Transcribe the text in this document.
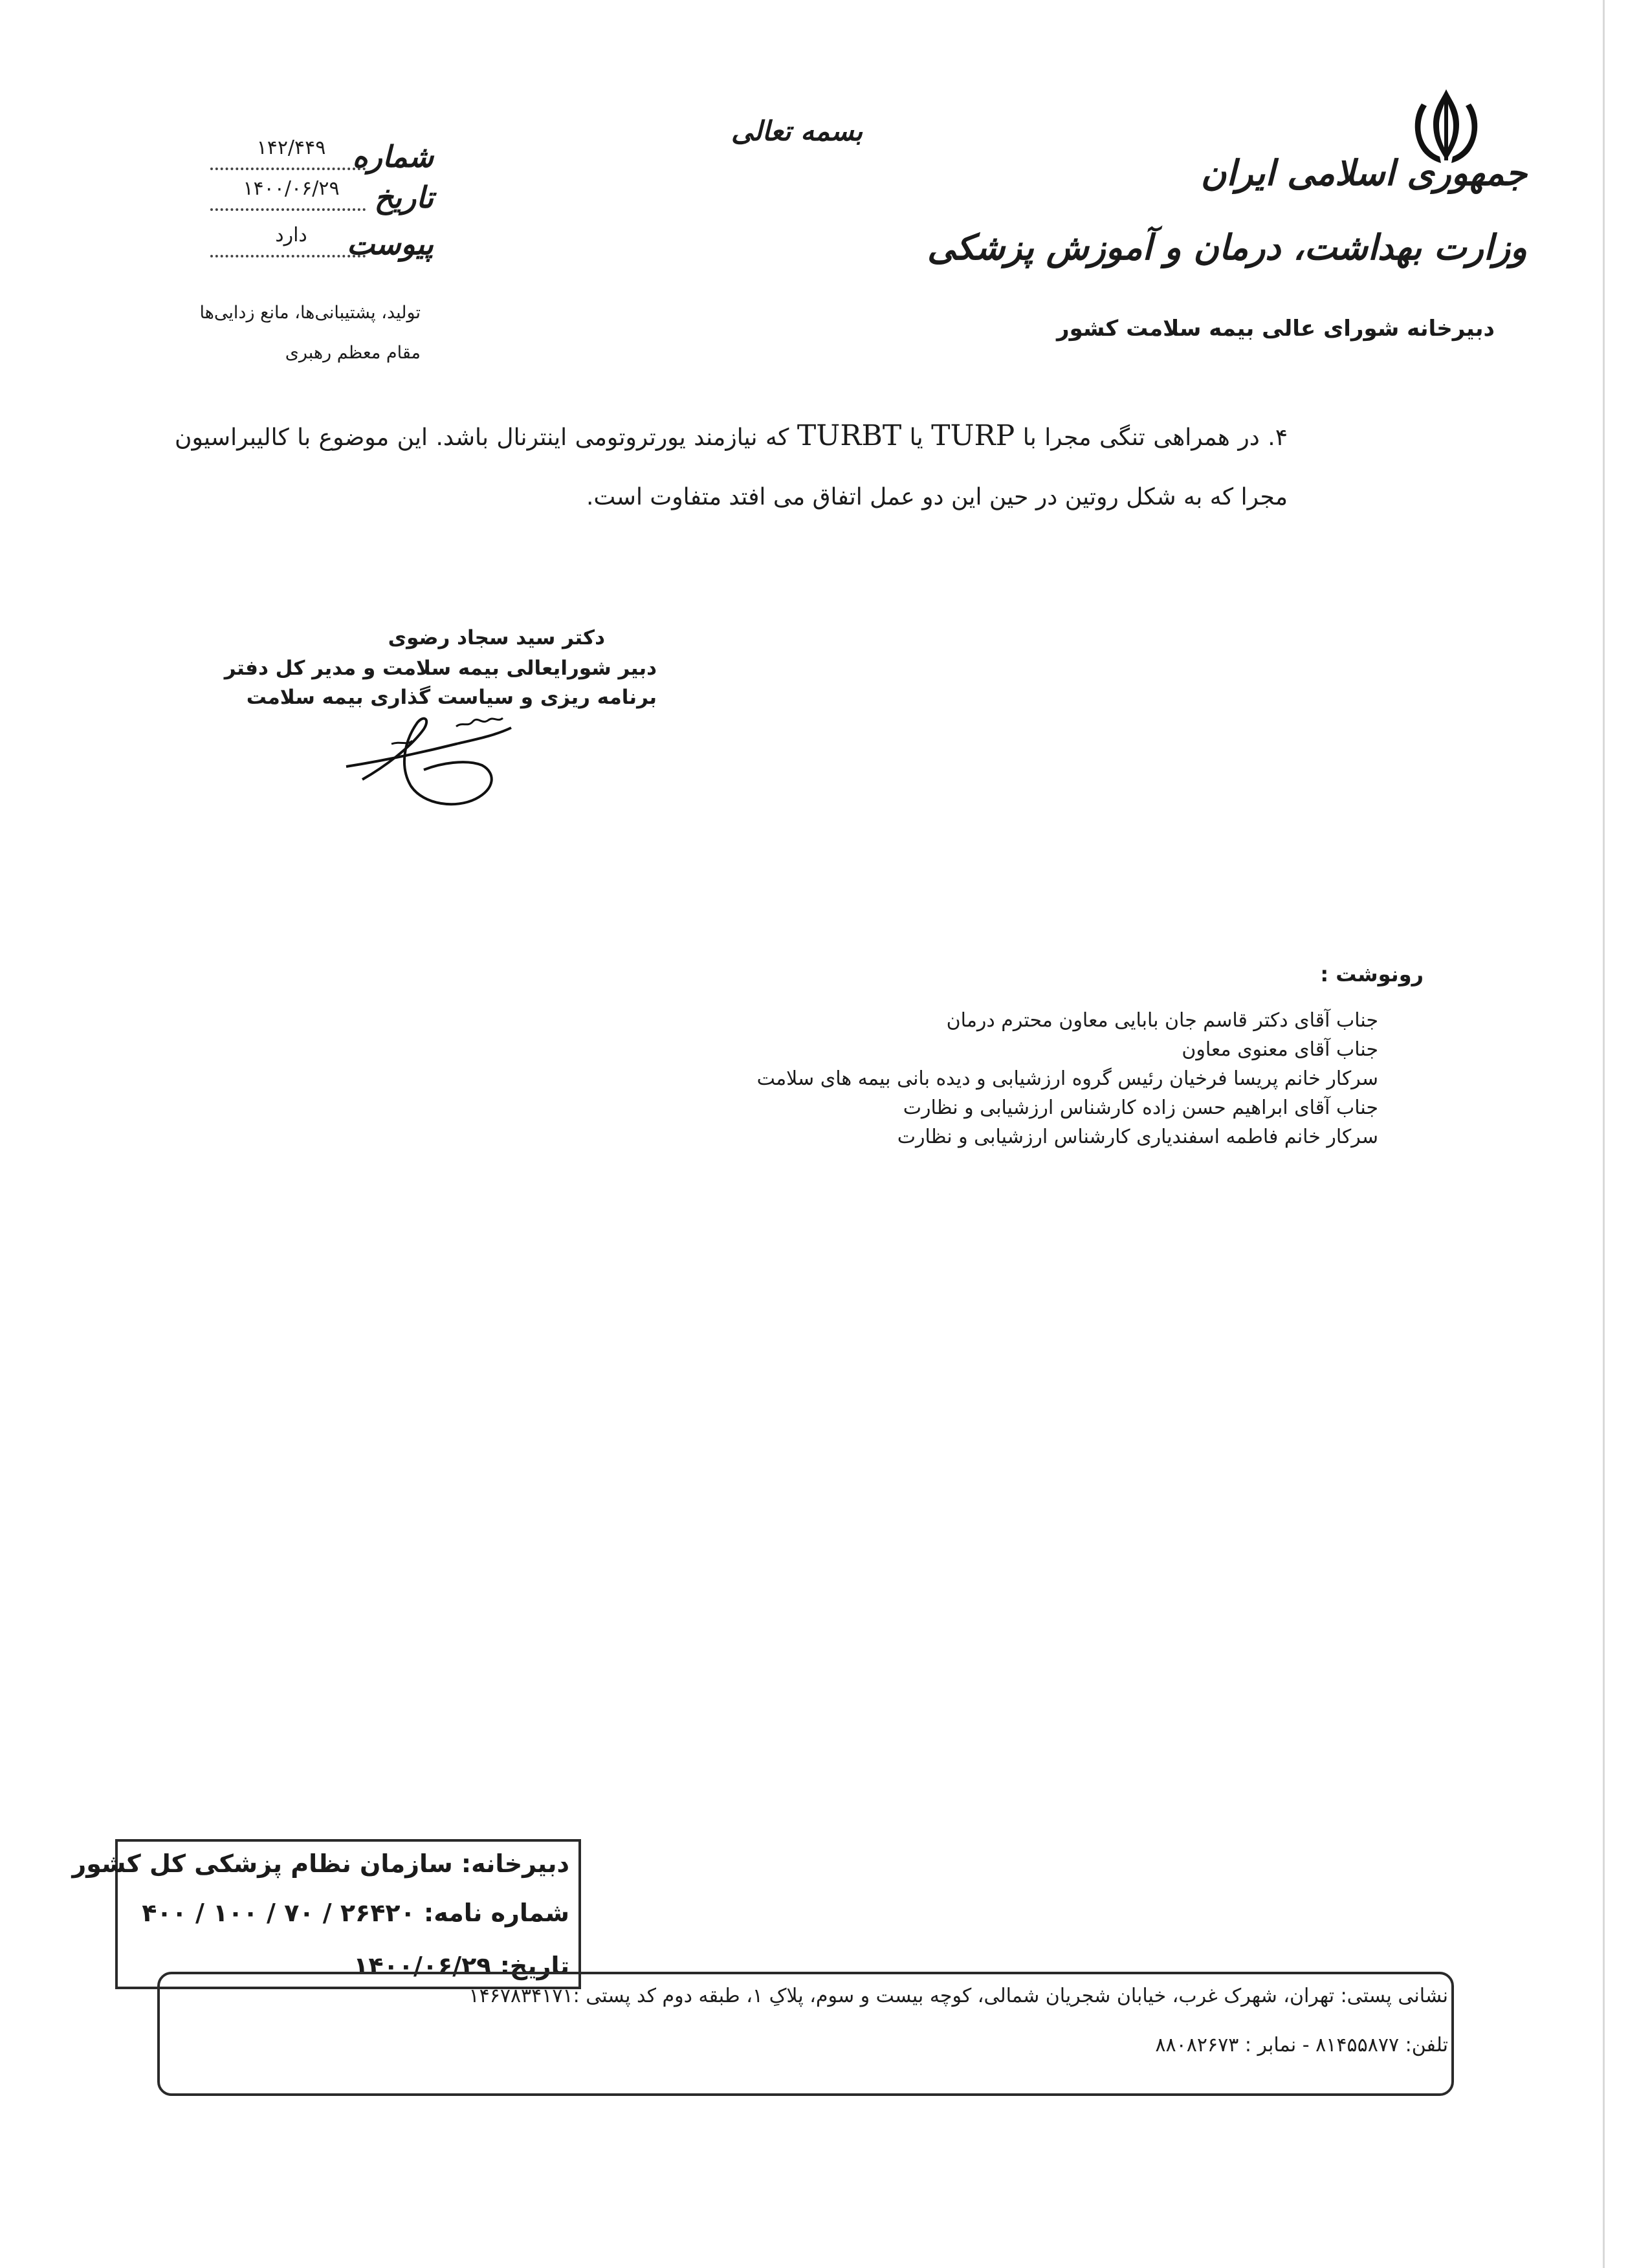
جمهوری اسلامی ایران
وزارت بهداشت، درمان و آموزش پزشکی
دبیرخانه شورای عالی بیمه سلامت کشور
بسمه تعالی
شماره
۱۴۲/۴۴۹
تاریخ
۱۴۰۰/۰۶/۲۹
پیوست
دارد
تولید، پشتیبانی‌ها، مانع زدایی‌ها
مقام معظم رهبری

۴. در همراهی تنگی مجرا با TURP یا TURBT که نیازمند یورتروتومی اینترنال باشد. این موضوع با کالیبراسیون مجرا که به شکل روتین در حین این دو عمل اتفاق می افتد متفاوت است.

دکتر سید سجاد رضوی
دبیر شورایعالی بیمه سلامت و مدیر کل دفتر
برنامه ریزی و سیاست گذاری بیمه سلامت
رونوشت :
جناب آقای دکتر قاسم جان بابایی معاون محترم درمان
جناب آقای معنوی معاون
سرکار خانم پریسا فرخیان رئیس گروه ارزشیابی و دیده بانی بیمه های سلامت
جناب آقای ابراهیم حسن زاده کارشناس ارزشیابی و نظارت
سرکار خانم فاطمه اسفندیاری کارشناس ارزشیابی و نظارت
دبیرخانه: سازمان نظام پزشکی کل کشور
شماره نامه: ۲۶۴۲۰ / ۷۰ / ۱۰۰ / ۴۰۰
تاریخ: ۱۴۰۰/۰۶/۲۹
نشانی پستی: تهران، شهرک غرب، خیابان شجریان شمالی، کوچه بیست و سوم، پلاکِ ۱، طبقه دوم کد پستی :۱۴۶۷۸۳۴۱۷۱
تلفن: ۸۱۴۵۵۸۷۷ - نمابر : ۸۸۰۸۲۶۷۳
